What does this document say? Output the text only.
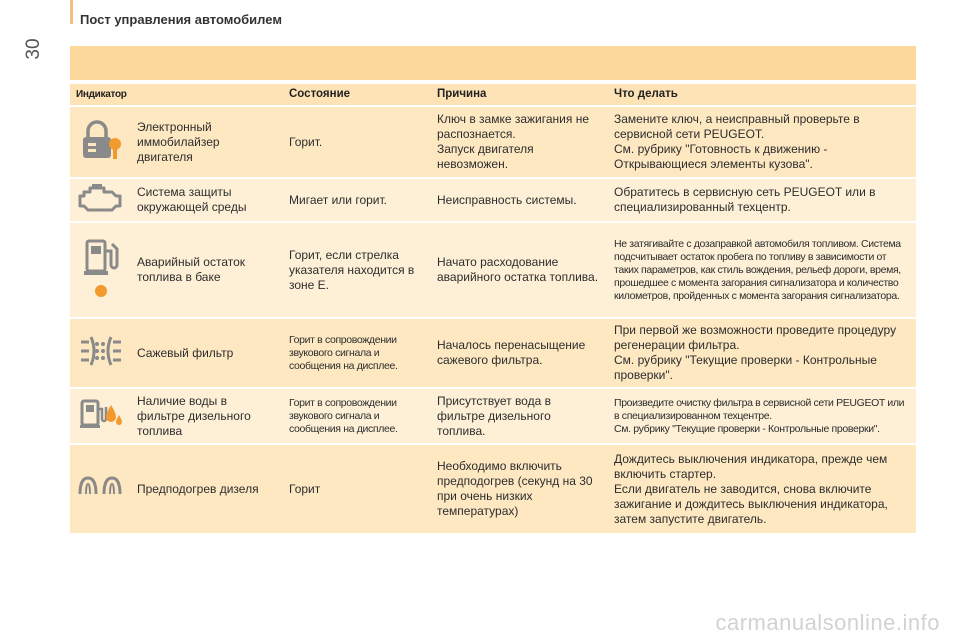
30
Пост управления автомобилем
Индикатор		Состояние	Причина	Что делать

	Электронный иммобилайзер двигателя	Горит.	Ключ в замке зажигания не распознается.
Запуск двигателя невозможен.	Замените ключ, а неисправный проверьте в сервисной сети PEUGEOT.
См. рубрику "Готовность к движению - Открывающиеся элементы кузова".

	Система защиты окружающей среды	Мигает или горит.	Неисправность системы.	Обратитесь в сервисную сеть PEUGEOT или в специализированный техцентр.

	Аварийный остаток топлива в баке	Горит, если стрелка указателя находится в зоне E.	Начато расходование аварийного остатка топлива.	Не затягивайте с дозаправкой автомобиля топливом. Система подсчитывает остаток пробега по топливу в зависимости от таких параметров, как стиль вождения, рельеф дороги, время, прошедшее с момента загорания сигнализатора и количество километров, пройденных с момента загорания сигнализатора.

	Сажевый фильтр	Горит в сопровождении звукового сигнала и сообщения на дисплее.	Началось перенасыщение сажевого фильтра.	При первой же возможности проведите процедуру регенерации фильтра.
См. рубрику "Текущие проверки - Контрольные проверки".

	Наличие воды в фильтре дизельного топлива	Горит в сопровождении звукового сигнала и сообщения на дисплее.	Присутствует вода в фильтре дизельного топлива.	Произведите очистку фильтра в сервисной сети PEUGEOT или в специализированном техцентре.
См. рубрику "Текущие проверки - Контрольные проверки".

	Предподогрев дизеля	Горит	Необходимо включить предподогрев (секунд на 30 при очень низких температурах)	Дождитесь выключения индикатора, прежде чем включить стартер.
Если двигатель не заводится, снова включите зажигание и дождитесь выключения индикатора, затем запустите двигатель.
carmanualsonline.info
